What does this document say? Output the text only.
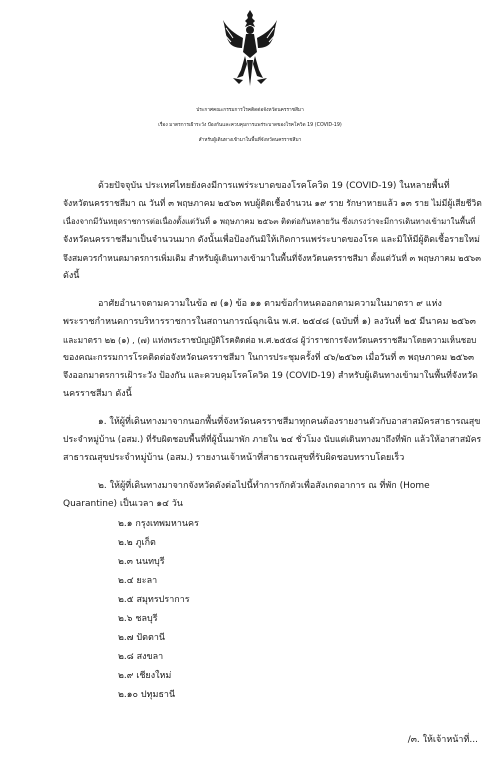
ประกาศคณะกรรมการโรคติดต่อจังหวัดนครราชสีมา
เรื่อง มาตรการเฝ้าระวัง ป้องกันและควบคุมการแพร่ระบาดของโรคโควิด 19 (COVID-19)
สำหรับผู้เดินทางเข้ามาในพื้นที่จังหวัดนครราชสีมา
ด้วยปัจจุบัน ประเทศไทยยังคงมีการแพร่ระบาดของโรคโควิด 19 (COVID-19) ในหลายพื้นที่
จังหวัดนครราชสีมา ณ วันที่ ๓ พฤษภาคม ๒๕๖๓ พบผู้ติดเชื้อจำนวน ๑๙ ราย รักษาหายแล้ว ๑๓ ราย ไม่มีผู้เสียชีวิต
เนื่องจากมีวันหยุดราชการต่อเนื่องตั้งแต่วันที่ ๑ พฤษภาคม ๒๕๖๓ ติดต่อกันหลายวัน ซึ่งเกรงว่าจะมีการเดินทางเข้ามาในพื้นที่
จังหวัดนครราชสีมาเป็นจำนวนมาก ดังนั้นเพื่อป้องกันมิให้เกิดการแพร่ระบาดของโรค และมิให้มีผู้ติดเชื้อรายใหม่
จึงสมควรกำหนดมาตรการเพิ่มเติม สำหรับผู้เดินทางเข้ามาในพื้นที่จังหวัดนครราชสีมา ตั้งแต่วันที่ ๓ พฤษภาคม ๒๕๖๓
ดังนี้
อาศัยอำนาจตามความในข้อ ๗ (๑) ข้อ ๑๑ ตามข้อกำหนดออกตามความในมาตรา ๙ แห่ง
พระราชกำหนดการบริหารราชการในสถานการณ์ฉุกเฉิน พ.ศ. ๒๕๔๘ (ฉบับที่ ๑) ลงวันที่ ๒๕ มีนาคม ๒๕๖๓
และมาตรา ๒๒ (๑) , (๗) แห่งพระราชบัญญัติโรคติดต่อ พ.ศ.๒๕๕๘ ผู้ว่าราชการจังหวัดนครราชสีมาโดยความเห็นชอบ
ของคณะกรรมการโรคติดต่อจังหวัดนครราชสีมา ในการประชุมครั้งที่ ๔๖/๒๕๖๓ เมื่อวันที่ ๓ พฤษภาคม ๒๕๖๓
จึงออกมาตรการเฝ้าระวัง ป้องกัน และควบคุมโรคโควิด 19 (COVID-19) สำหรับผู้เดินทางเข้ามาในพื้นที่จังหวัด
นครราชสีมา ดังนี้
๑. ให้ผู้ที่เดินทางมาจากนอกพื้นที่จังหวัดนครราชสีมาทุกคนต้องรายงานตัวกับอาสาสมัครสาธารณสุข
ประจำหมู่บ้าน (อสม.) ที่รับผิดชอบพื้นที่ที่ผู้นั้นมาพัก ภายใน ๒๔ ชั่วโมง นับแต่เดินทางมาถึงที่พัก แล้วให้อาสาสมัคร
สาธารณสุขประจำหมู่บ้าน (อสม.) รายงานเจ้าหน้าที่สาธารณสุขที่รับผิดชอบทราบโดยเร็ว
๒. ให้ผู้ที่เดินทางมาจากจังหวัดดังต่อไปนี้ทำการกักตัวเพื่อสังเกตอาการ ณ ที่พัก (Home
Quarantine) เป็นเวลา ๑๔ วัน
๒.๑ กรุงเทพมหานคร
๒.๒ ภูเก็ต
๒.๓ นนทบุรี
๒.๔ ยะลา
๒.๕ สมุทรปราการ
๒.๖ ชลบุรี
๒.๗ ปัตตานี
๒.๘ สงขลา
๒.๙ เชียงใหม่
๒.๑๐ ปทุมธานี
/๓. ให้เจ้าหน้าที่...
